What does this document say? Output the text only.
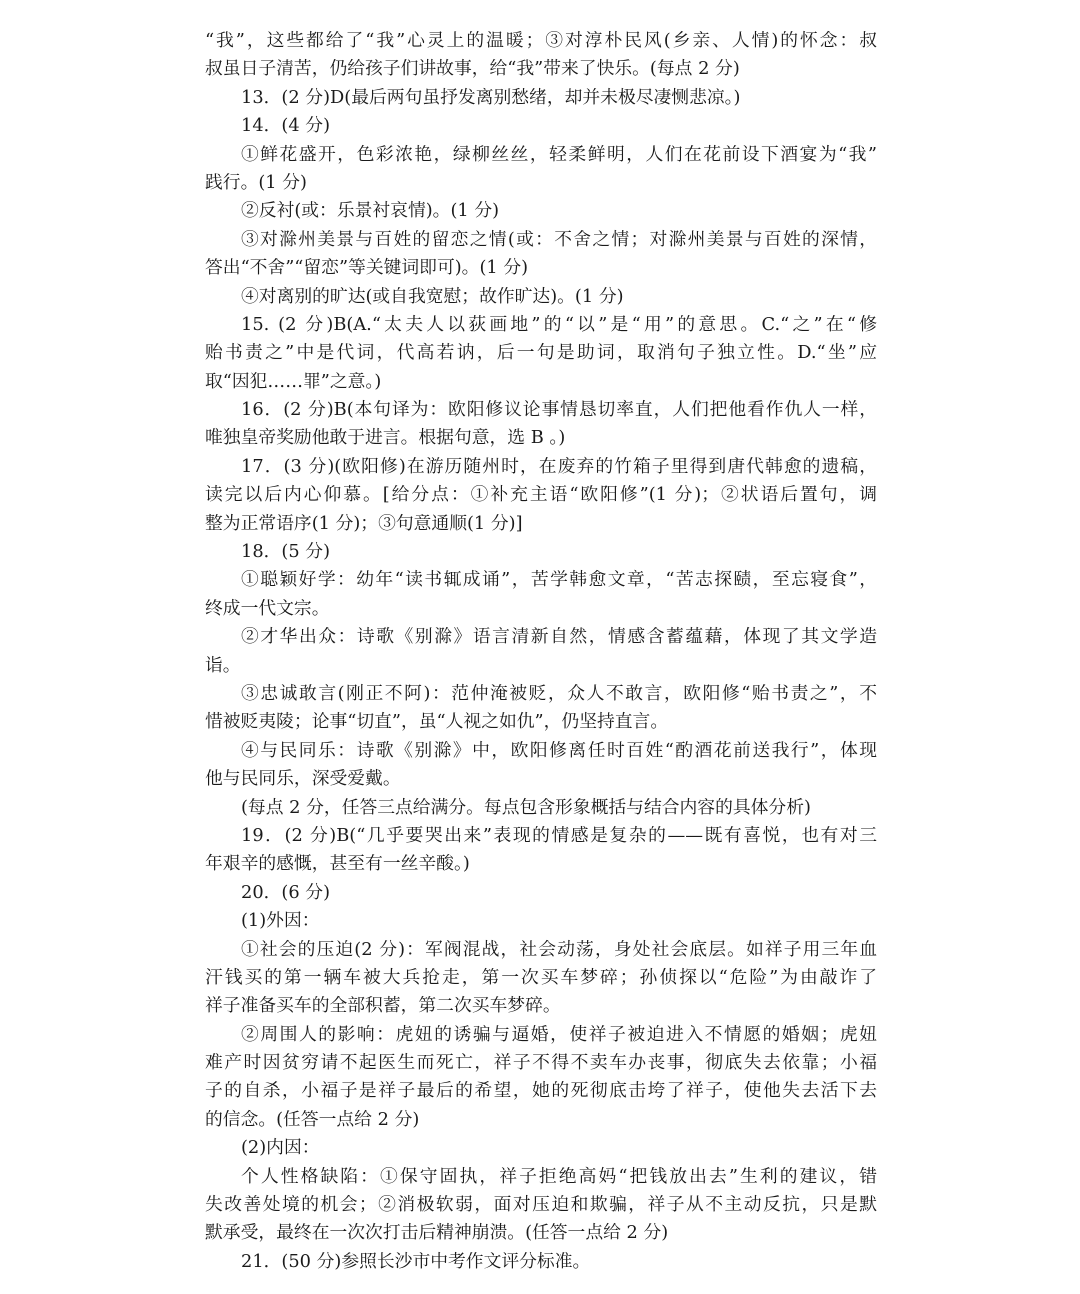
“我”，这些都给了“我”心灵上的温暖；③对淳朴民风(乡亲、人情)的怀念：叔
叔虽日子清苦，仍给孩子们讲故事，给“我”带来了快乐。(每点 2 分)
13．(2 分)D(最后两句虽抒发离别愁绪，却并未极尽凄恻悲凉。)
14．(4 分)
①鲜花盛开，色彩浓艳，绿柳丝丝，轻柔鲜明，人们在花前设下酒宴为“我”
践行。(1 分)
②反衬(或：乐景衬哀情)。(1 分)
③对滁州美景与百姓的留恋之情(或：不舍之情；对滁州美景与百姓的深情，
答出“不舍”“留恋”等关键词即可)。(1 分)
④对离别的旷达(或自我宽慰；故作旷达)。(1 分)
15. (2 分)B(A.“太夫人以荻画地”的“以”是“用”的意思。C.“之”在“修
贻书责之”中是代词，代高若讷，后一句是助词，取消句子独立性。D.“坐”应
取“因犯……罪”之意。)
16．(2 分)B(本句译为：欧阳修议论事情恳切率直，人们把他看作仇人一样，
唯独皇帝奖励他敢于进言。根据句意，选 B 。)
17．(3 分)(欧阳修)在游历随州时，在废弃的竹箱子里得到唐代韩愈的遗稿，
读完以后内心仰慕。[给分点：①补充主语“欧阳修”(1 分)；②状语后置句，调
整为正常语序(1 分)；③句意通顺(1 分)]
18．(5 分)
①聪颖好学：幼年“读书辄成诵”，苦学韩愈文章，“苦志探赜，至忘寝食”，
终成一代文宗。
②才华出众：诗歌《别滁》语言清新自然，情感含蓄蕴藉，体现了其文学造
诣。
③忠诚敢言(刚正不阿)：范仲淹被贬，众人不敢言，欧阳修“贻书责之”，不
惜被贬夷陵；论事“切直”，虽“人视之如仇”，仍坚持直言。
④与民同乐：诗歌《别滁》中，欧阳修离任时百姓“酌酒花前送我行”，体现
他与民同乐，深受爱戴。
(每点 2 分，任答三点给满分。每点包含形象概括与结合内容的具体分析)
19．(2 分)B(“几乎要哭出来”表现的情感是复杂的——既有喜悦，也有对三
年艰辛的感慨，甚至有一丝辛酸。)
20．(6 分)
(1)外因：
①社会的压迫(2 分)：军阀混战，社会动荡，身处社会底层。如祥子用三年血
汗钱买的第一辆车被大兵抢走，第一次买车梦碎；孙侦探以“危险”为由敲诈了
祥子准备买车的全部积蓄，第二次买车梦碎。
②周围人的影响：虎妞的诱骗与逼婚，使祥子被迫进入不情愿的婚姻；虎妞
难产时因贫穷请不起医生而死亡，祥子不得不卖车办丧事，彻底失去依靠；小福
子的自杀，小福子是祥子最后的希望，她的死彻底击垮了祥子，使他失去活下去
的信念。(任答一点给 2 分)
(2)内因：
个人性格缺陷：①保守固执，祥子拒绝高妈“把钱放出去”生利的建议，错
失改善处境的机会；②消极软弱，面对压迫和欺骗，祥子从不主动反抗，只是默
默承受，最终在一次次打击后精神崩溃。(任答一点给 2 分)
21．(50 分)参照长沙市中考作文评分标准。
